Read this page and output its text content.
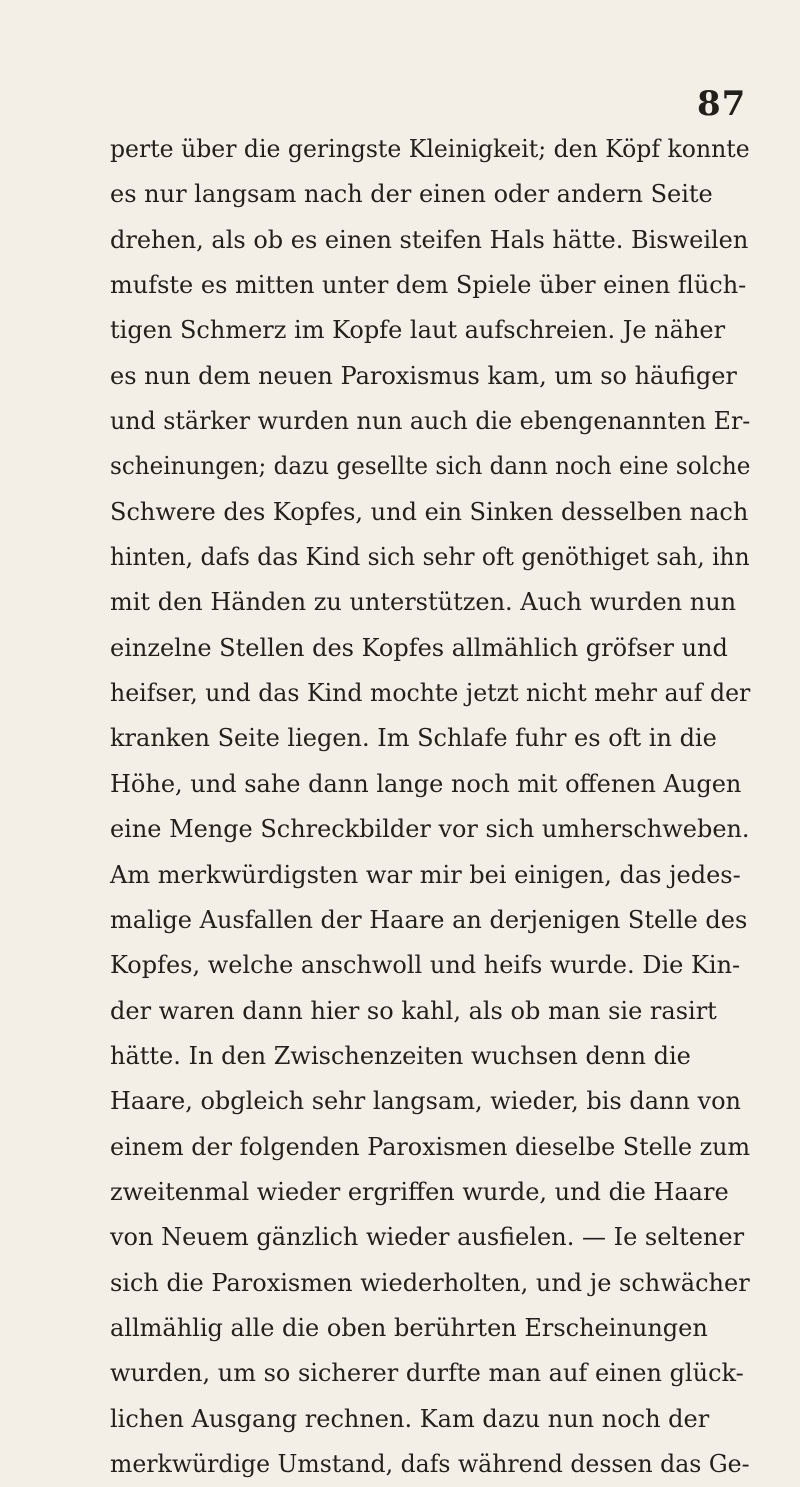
87
perte über die geringste Kleinigkeit; den Köpf konnte
es nur langsam nach der einen oder andern Seite
drehen, als ob es einen steifen Hals hätte. Bisweilen
mufste es mitten unter dem Spiele über einen flüch-
tigen Schmerz im Kopfe laut aufschreien. Je näher
es nun dem neuen Paroxismus kam, um so häufiger
und stärker wurden nun auch die ebengenannten Er-
scheinungen; dazu gesellte sich dann noch eine solche
Schwere des Kopfes, und ein Sinken desselben nach
hinten, dafs das Kind sich sehr oft genöthiget sah, ihn
mit den Händen zu unterstützen. Auch wurden nun
einzelne Stellen des Kopfes allmählich gröfser und
heifser, und das Kind mochte jetzt nicht mehr auf der
kranken Seite liegen. Im Schlafe fuhr es oft in die
Höhe, und sahe dann lange noch mit offenen Augen
eine Menge Schreckbilder vor sich umherschweben.
Am merkwürdigsten war mir bei einigen, das jedes-
malige Ausfallen der Haare an derjenigen Stelle des
Kopfes, welche anschwoll und heifs wurde. Die Kin-
der waren dann hier so kahl, als ob man sie rasirt
hätte. In den Zwischenzeiten wuchsen denn die
Haare, obgleich sehr langsam, wieder, bis dann von
einem der folgenden Paroxismen dieselbe Stelle zum
zweitenmal wieder ergriffen wurde, und die Haare
von Neuem gänzlich wieder ausfielen. — Ie seltener
sich die Paroxismen wiederholten, und je schwächer
allmählig alle die oben berührten Erscheinungen
wurden, um so sicherer durfte man auf einen glück-
lichen Ausgang rechnen. Kam dazu nun noch der
merkwürdige Umstand, dafs während dessen das Ge-
